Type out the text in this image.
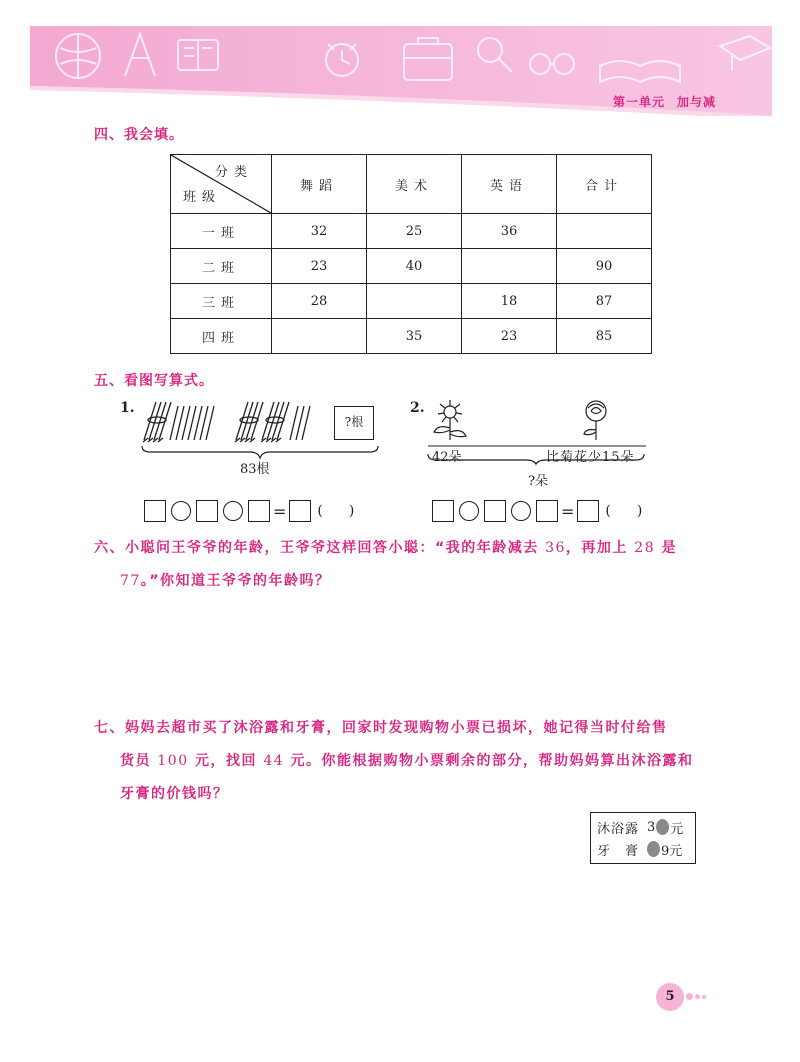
第一单元 加与减
四、我会填。
分类
班级	舞蹈	美术	英语	合计
一班	32	25	36	
二班	23	40		90
三班	28		18	87
四班		35	23	85
五、看图写算式。
1.
?根
83根
= ()
2.
42朵	比菊花少15朵
?朵
= ()
六、小聪问王爷爷的年龄，王爷爷这样回答小聪：“我的年龄减去 36，再加上 28 是
77。”你知道王爷爷的年龄吗？
七、妈妈去超市买了沐浴露和牙膏，回家时发现购物小票已损坏，她记得当时付给售
货员 100 元，找回 44 元。你能根据购物小票剩余的部分，帮助妈妈算出沐浴露和
牙膏的价钱吗？
沐浴露 3 元
牙　膏 9元
5
